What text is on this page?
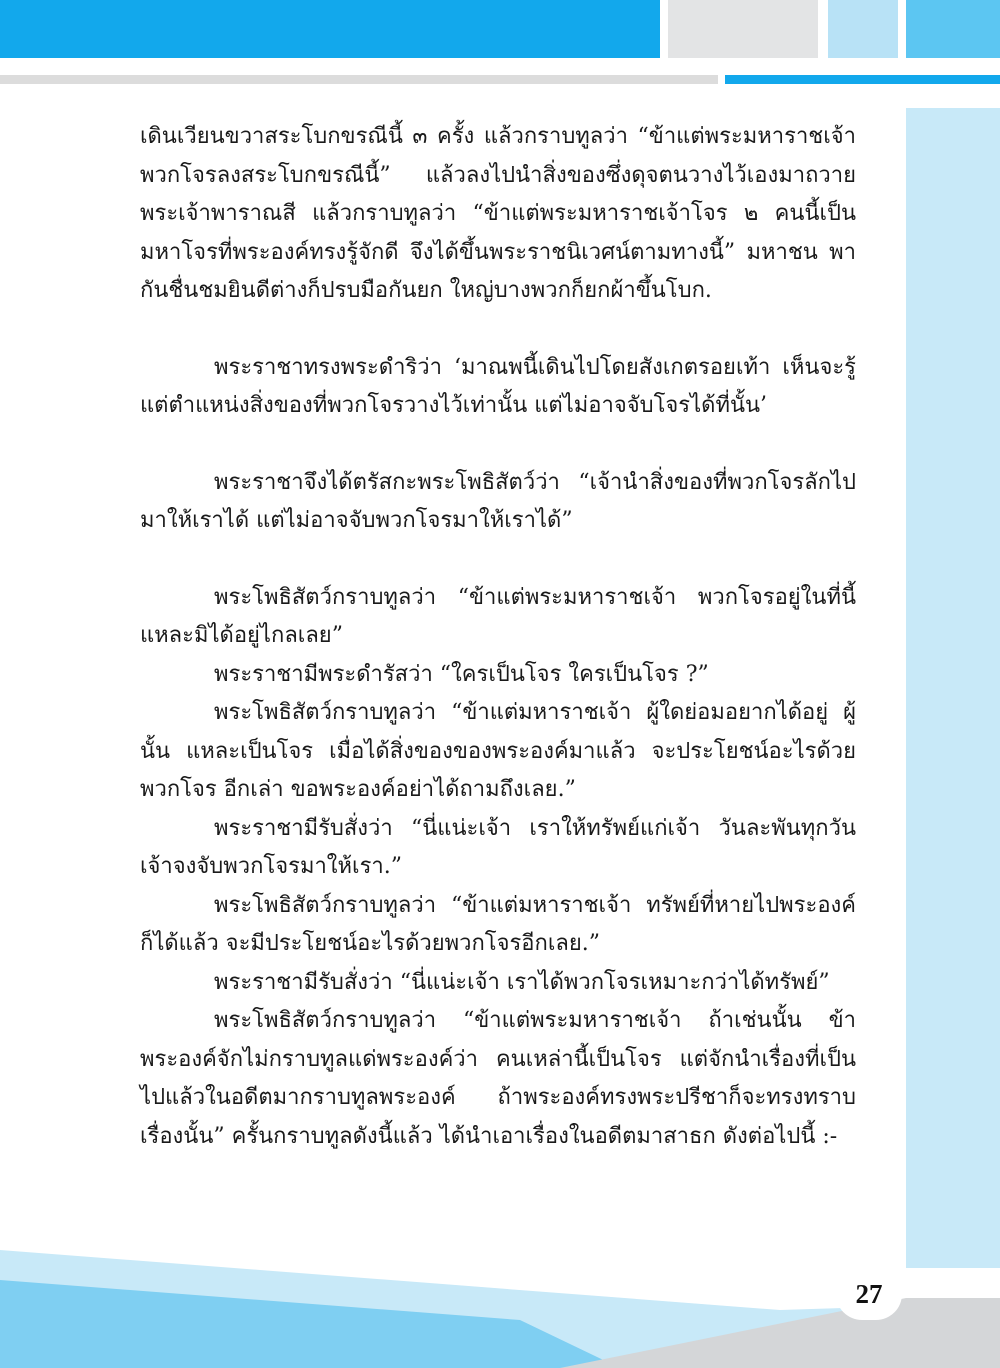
27

เดินเวียนขวาสระโบกขรณีนี้ ๓ ครั้ง แล้วกราบทูลว่า “ข้าแต่พระมหาราชเจ้า พวกโจรลงสระโบกขรณีนี้” แล้วลงไปนำสิ่งของซึ่งดุจตนวางไว้เองมาถวาย พระเจ้าพาราณสี แล้วกราบทูลว่า “ข้าแต่พระมหาราชเจ้าโจร ๒ คนนี้เป็น มหาโจรที่พระองค์ทรงรู้จักดี จึงได้ขึ้นพระราชนิเวศน์ตามทางนี้” มหาชน พากันชื่นชมยินดีต่างก็ปรบมือกันยก ใหญ่บางพวกก็ยกผ้าขึ้นโบก.

พระราชาทรงพระดำริว่า ‘มาณพนี้เดินไปโดยสังเกตรอยเท้า เห็นจะรู้ แต่ตำแหน่งสิ่งของที่พวกโจรวางไว้เท่านั้น แต่ไม่อาจจับโจรได้ที่นั้น’

พระราชาจึงได้ตรัสกะพระโพธิสัตว์ว่า “เจ้านำสิ่งของที่พวกโจรลักไป มาให้เราได้ แต่ไม่อาจจับพวกโจรมาให้เราได้”

พระโพธิสัตว์กราบทูลว่า “ข้าแต่พระมหาราชเจ้า พวกโจรอยู่ในที่นี้ แหละมิได้อยู่ไกลเลย”

พระราชามีพระดำรัสว่า “ใครเป็นโจร ใครเป็นโจร ?”

พระโพธิสัตว์กราบทูลว่า “ข้าแต่มหาราชเจ้า ผู้ใดย่อมอยากได้อยู่ ผู้นั้น แหละเป็นโจร เมื่อได้สิ่งของของพระองค์มาแล้ว จะประโยชน์อะไรด้วยพวกโจร อีกเล่า ขอพระองค์อย่าได้ถามถึงเลย.”

พระราชามีรับสั่งว่า “นี่แน่ะเจ้า เราให้ทรัพย์แก่เจ้า วันละพันทุกวัน เจ้าจงจับพวกโจรมาให้เรา.”

พระโพธิสัตว์กราบทูลว่า “ข้าแต่มหาราชเจ้า ทรัพย์ที่หายไปพระองค์ ก็ได้แล้ว จะมีประโยชน์อะไรด้วยพวกโจรอีกเลย.”

พระราชามีรับสั่งว่า “นี่แน่ะเจ้า เราได้พวกโจรเหมาะกว่าได้ทรัพย์”

พระโพธิสัตว์กราบทูลว่า “ข้าแต่พระมหาราชเจ้า ถ้าเช่นนั้น ข้าพระองค์จักไม่กราบทูลแด่พระองค์ว่า คนเหล่านี้เป็นโจร แต่จักนำเรื่องที่เป็น ไปแล้วในอดีตมากราบทูลพระองค์ ถ้าพระองค์ทรงพระปรีชาก็จะทรงทราบ เรื่องนั้น” ครั้นกราบทูลดังนี้แล้ว ได้นำเอาเรื่องในอดีตมาสาธก ดังต่อไปนี้ :-
